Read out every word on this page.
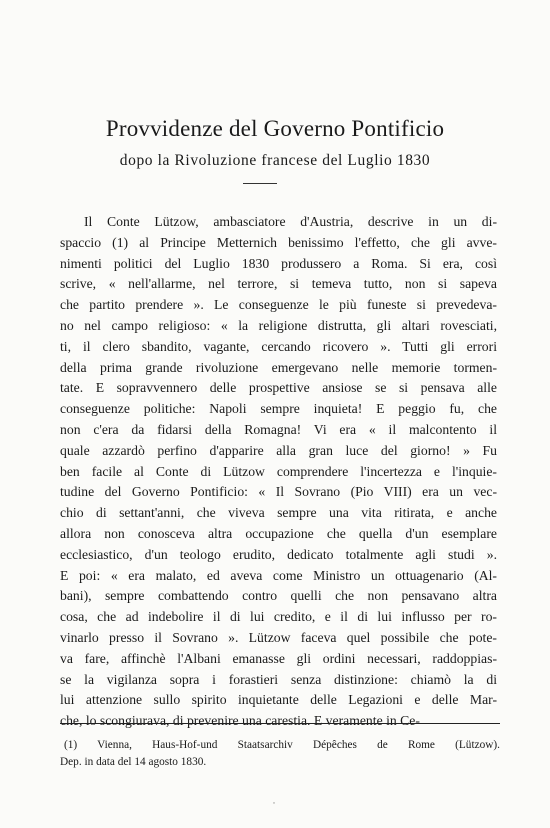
Provvidenze del Governo Pontificio
dopo la Rivoluzione francese del Luglio 1830

Il Conte Lützow, ambasciatore d'Austria, descrive in un di-
spaccio (1) al Principe Metternich benissimo l'effetto, che gli avve-
nimenti politici del Luglio 1830 produssero a Roma. Si era, così
scrive, « nell'allarme, nel terrore, si temeva tutto, non si sapeva
che partito prendere ». Le conseguenze le più funeste si prevedeva-
no nel campo religioso: « la religione distrutta, gli altari rovesciati,
ti, il clero sbandito, vagante, cercando ricovero ». Tutti gli errori
della prima grande rivoluzione emergevano nelle memorie tormen-
tate. E sopravvennero delle prospettive ansiose se si pensava alle
conseguenze politiche: Napoli sempre inquieta! E peggio fu, che
non c'era da fidarsi della Romagna! Vi era « il malcontento il
quale azzardò perfino d'apparire alla gran luce del giorno! » Fu
ben facile al Conte di Lützow comprendere l'incertezza e l'inquie-
tudine del Governo Pontificio: « Il Sovrano (Pio VIII) era un vec-
chio di settant'anni, che viveva sempre una vita ritirata, e anche
allora non conosceva altra occupazione che quella d'un esemplare
ecclesiastico, d'un teologo erudito, dedicato totalmente agli studi ».
E poi: « era malato, ed aveva come Ministro un ottuagenario (Al-
bani), sempre combattendo contro quelli che non pensavano altra
cosa, che ad indebolire il di lui credito, e il di lui influsso per ro-
vinarlo presso il Sovrano ». Lützow faceva quel possibile che pote-
va fare, affinchè l'Albani emanasse gli ordini necessari, raddoppias-
se la vigilanza sopra i forastieri senza distinzione: chiamò la di
lui attenzione sullo spirito inquietante delle Legazioni e delle Mar-
che, lo scongiurava, di prevenire una carestia. E veramente in Ce-

(1) Vienna, Haus-Hof-und Staatsarchiv Dépêches de Rome (Lützow).
Dep. in data del 14 agosto 1830.

·
